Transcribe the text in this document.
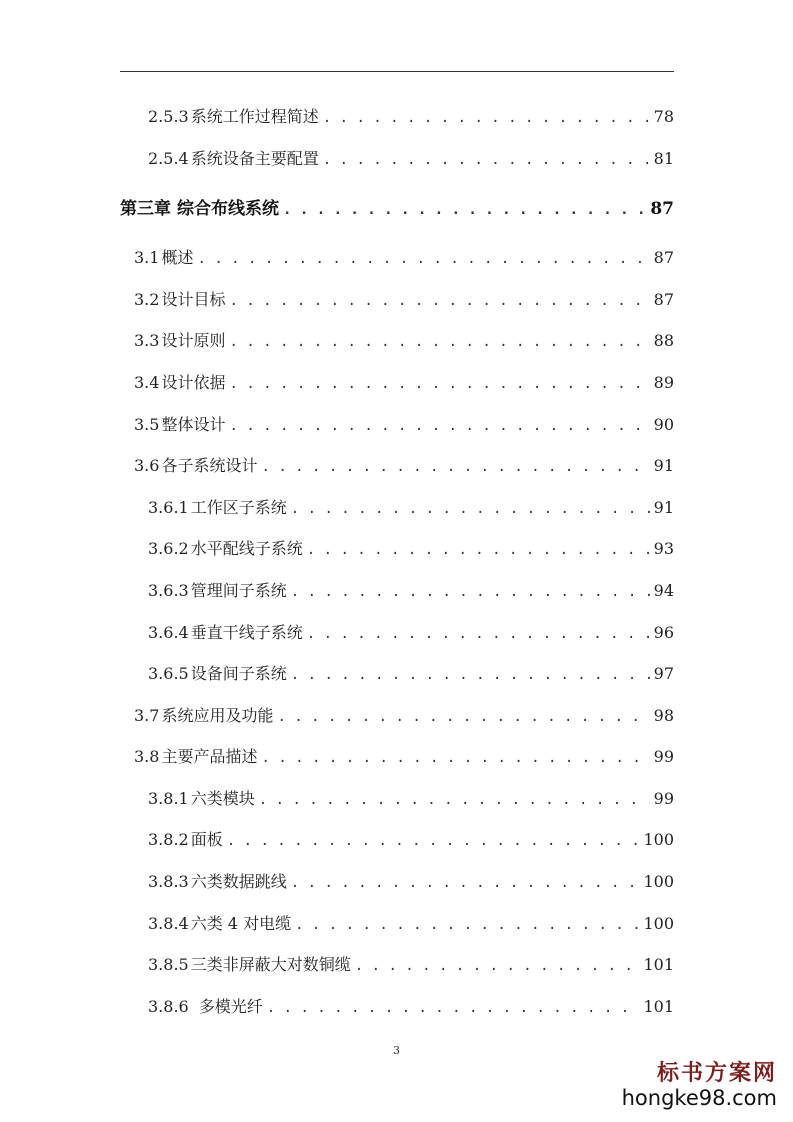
2.5.3 系统工作过程简述 . . .	78
2.5.4 系统设备主要配置 . . .	81
第三章 综合布线系统 . . .	87
3.1 概述 . . .	87
3.2 设计目标 . . .	87
3.3 设计原则 . . .	88
3.4 设计依据 . . .	89
3.5 整体设计 . . .	90
3.6 各子系统设计 . . .	91
3.6.1 工作区子系统 . . .	91
3.6.2 水平配线子系统 . . .	93
3.6.3 管理间子系统 . . .	94
3.6.4 垂直干线子系统 . . .	96
3.6.5 设备间子系统 . . .	97
3.7 系统应用及功能 . . .	98
3.8 主要产品描述 . . .	99
3.8.1 六类模块 . . .	99
3.8.2 面板 . . .	100
3.8.3 六类数据跳线 . . .	100
3.8.4 六类 4 对电缆 . . .	100
3.8.5 三类非屏蔽大对数铜缆 . . .	101
3.8.6 多模光纤 . . .	101
3
标书方案网
hongke98.com
